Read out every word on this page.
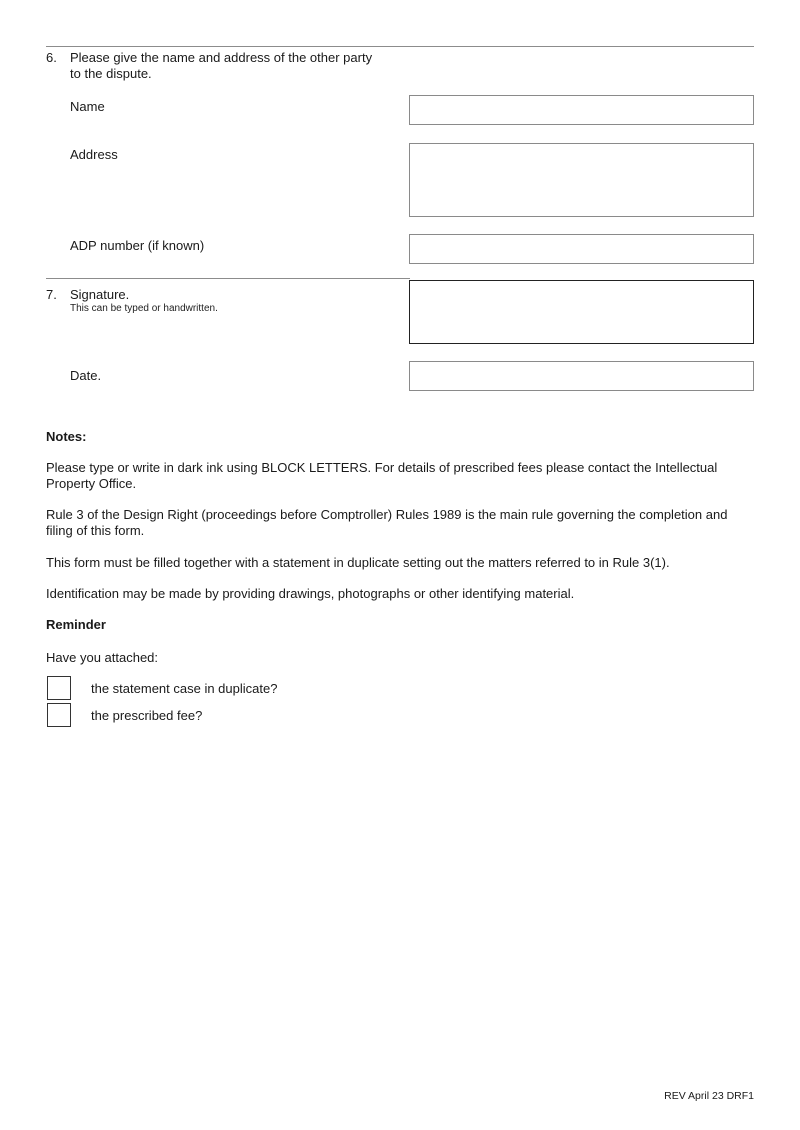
6. Please give the name and address of the other party
to the dispute.
Name
Address
ADP number (if known)
7. Signature.
This can be typed or handwritten.
Date.
Notes:
Please type or write in dark ink using BLOCK LETTERS. For details of prescribed fees please contact the Intellectual Property Office.
Rule 3 of the Design Right (proceedings before Comptroller) Rules 1989 is the main rule governing the completion and filing of this form.
This form must be filled together with a statement in duplicate setting out the matters referred to in Rule 3(1).
Identification may be made by providing drawings, photographs or other identifying material.
Reminder
Have you attached:
the statement case in duplicate?
the prescribed fee?
REV April 23 DRF1
